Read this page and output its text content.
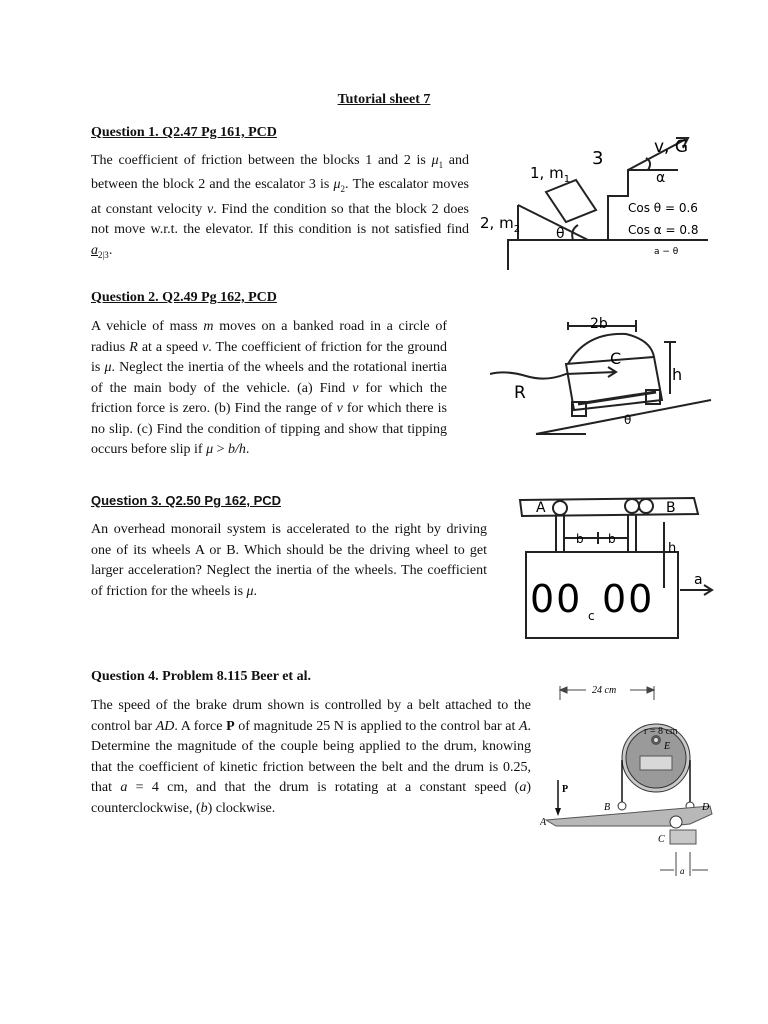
Tutorial sheet 7
Question 1. Q2.47 Pg 161, PCD
The coefficient of friction between the blocks 1 and 2 is $\mu_1$ and between the block 2 and the escalator 3 is $\mu_2$. The escalator moves at constant velocity v. Find the condition so that the block 2 does not move w.r.t. the elevator. If this condition is not satisfied find $a_{2|3}$.
1, $m_1$
3
v, G
2, $m_2$	θ
α
Cos θ = 0.6
Cos α = 0.8
a − θ
Question 2. Q2.49 Pg 162, PCD
A vehicle of mass m moves on a banked road in a circle of radius R at a speed v. The coefficient of friction for the ground is μ. Neglect the inertia of the wheels and the rotational inertia of the main body of the vehicle. (a) Find v for which the friction force is zero. (b) Find the range of v for which there is no slip. (c) Find the condition of tipping and show that tipping occurs before slip if μ > b/h.
2b
C
h
R
θ
Question 3. Q2.50 Pg 162, PCD
An overhead monorail system is accelerated to the right by driving one of its wheels A or B. Which should be the driving wheel to get larger acceleration? Neglect the inertia of the wheels. The coefficient of friction for the wheels is μ.
A	B
b b
h
a
00 00
c
Question 4. Problem 8.115 Beer et al.
The speed of the brake drum shown is controlled by a belt attached to the control bar AD. A force P of magnitude 25 N is applied to the control bar at A. Determine the magnitude of the couple being applied to the drum, knowing that the coefficient of kinetic friction between the belt and the drum is 0.25, that a = 4 cm, and that the drum is rotating at a constant speed (a) counterclockwise, (b) clockwise.
24 cm
r = 8 cm
E
P
A
B
C
D
a
